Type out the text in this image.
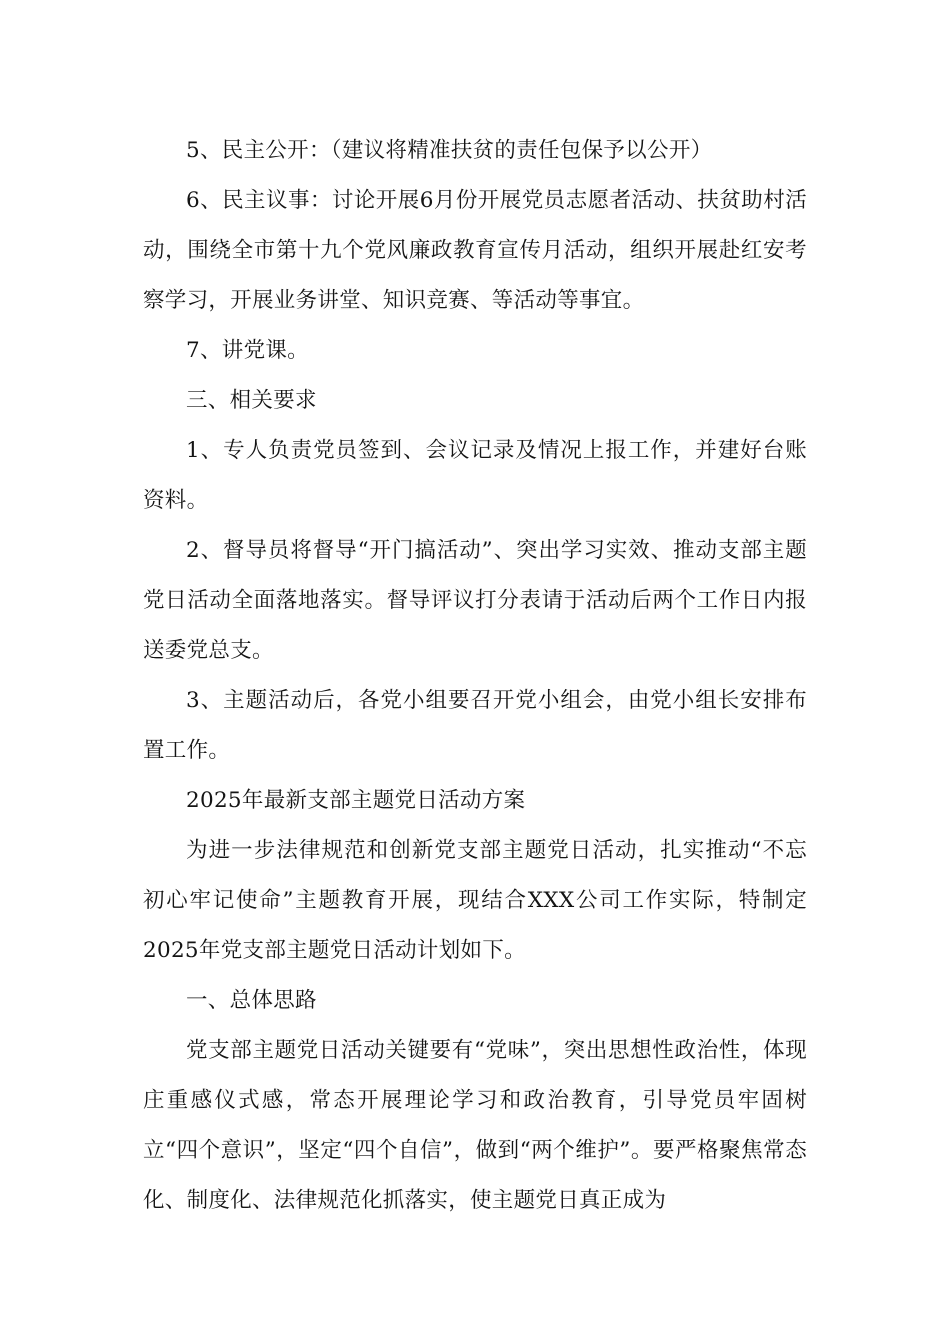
5、民主公开：（建议将精准扶贫的责任包保予以公开）

6、民主议事：讨论开展6月份开展党员志愿者活动、扶贫助村活动，围绕全市第十九个党风廉政教育宣传月活动，组织开展赴红安考察学习，开展业务讲堂、知识竞赛、等活动等事宜。

7、讲党课。

三、相关要求

1、专人负责党员签到、会议记录及情况上报工作，并建好台账资料。

2、督导员将督导“开门搞活动”、突出学习实效、推动支部主题党日活动全面落地落实。督导评议打分表请于活动后两个工作日内报送委党总支。

3、主题活动后，各党小组要召开党小组会，由党小组长安排布置工作。

2025年最新支部主题党日活动方案

为进一步法律规范和创新党支部主题党日活动，扎实推动“不忘初心牢记使命”主题教育开展，现结合XXX公司工作实际，特制定2025年党支部主题党日活动计划如下。

一、总体思路

党支部主题党日活动关键要有“党味”，突出思想性政治性，体现庄重感仪式感，常态开展理论学习和政治教育，引导党员牢固树立“四个意识”，坚定“四个自信”，做到“两个维护”。要严格聚焦常态化、制度化、法律规范化抓落实，使主题党日真正成为
